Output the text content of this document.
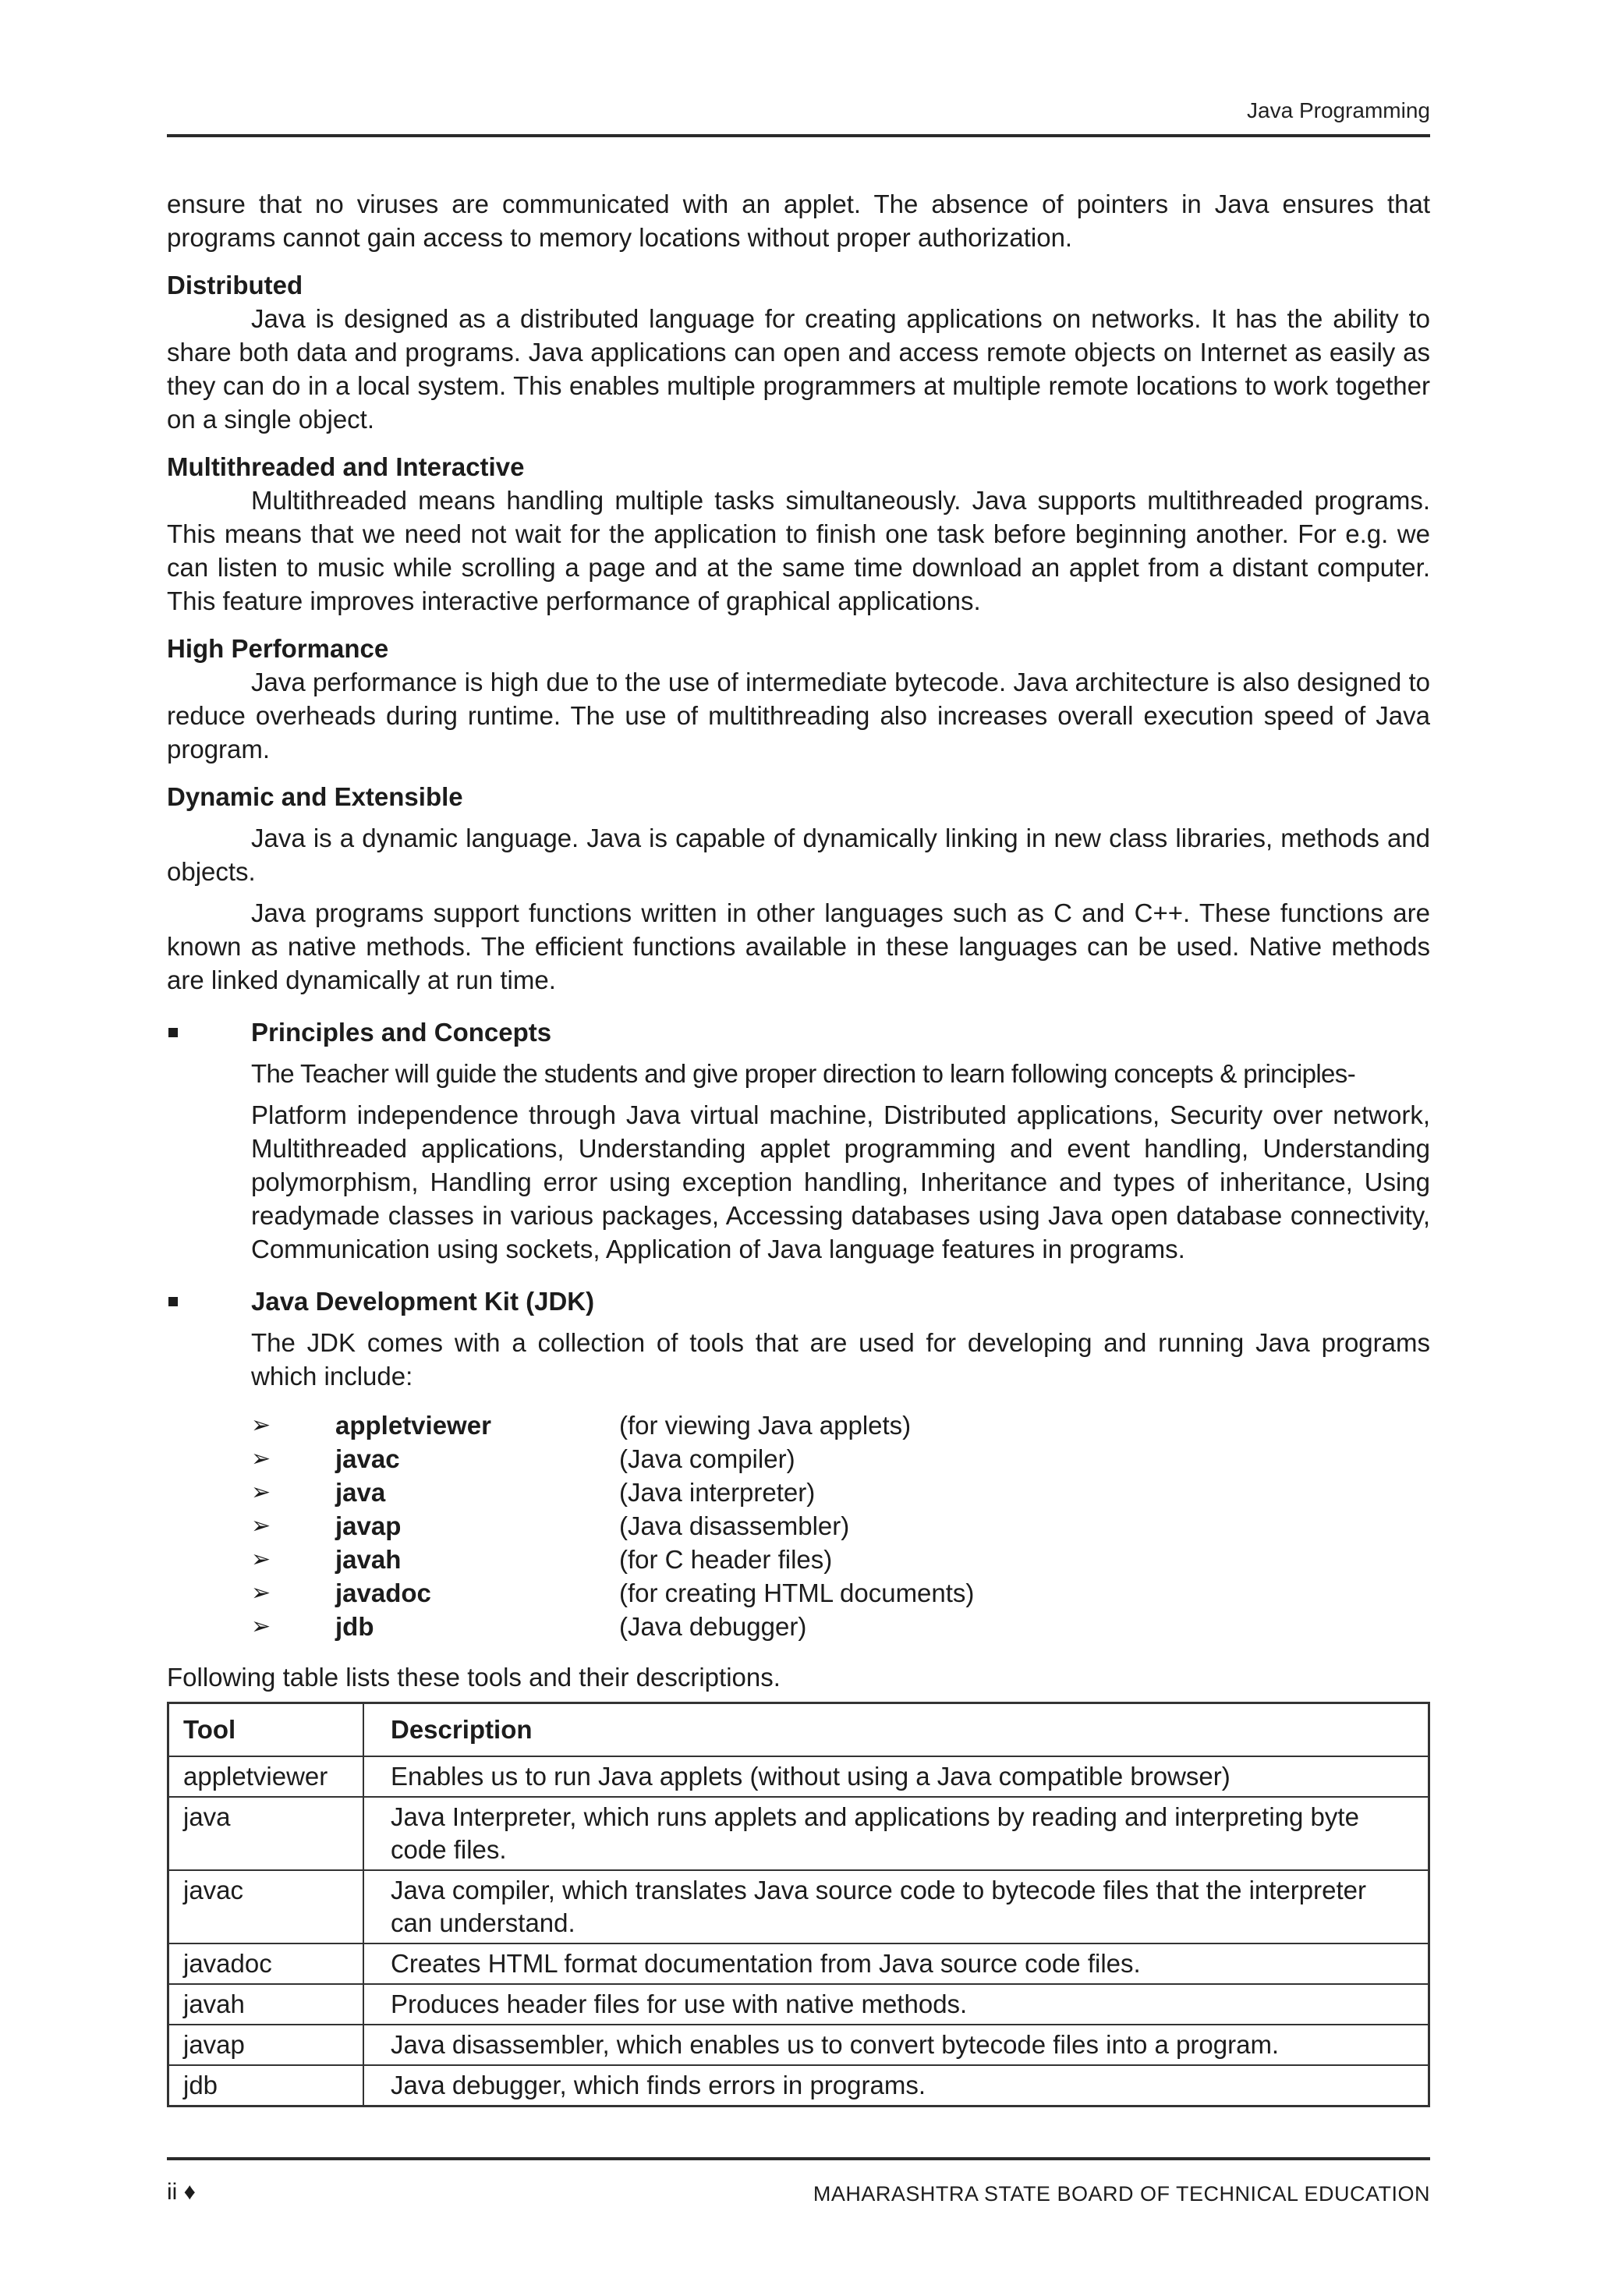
Java Programming

ensure that no viruses are communicated with an applet. The absence of pointers in Java ensures that programs cannot gain access to memory locations without proper authorization.

Distributed

Java is designed as a distributed language for creating applications on networks. It has the ability to share both data and programs. Java applications can open and access remote objects on Internet as easily as they can do in a local system. This enables multiple programmers at multiple remote locations to work together on a single object.

Multithreaded and Interactive

Multithreaded means handling multiple tasks simultaneously. Java supports multithreaded programs. This means that we need not wait for the application to finish one task before beginning another. For e.g. we can listen to music while scrolling a page and at the same time download an applet from a distant computer. This feature improves interactive performance of graphical applications.

High Performance

Java performance is high due to the use of intermediate bytecode. Java architecture is also designed to reduce overheads during runtime. The use of multithreading also increases overall execution speed of Java program.

Dynamic and Extensible

Java is a dynamic language. Java is capable of dynamically linking in new class libraries, methods and objects.

Java programs support functions written in other languages such as C and C++. These functions are known as native methods. The efficient functions available in these languages can be used. Native methods are linked dynamically at run time.

Principles and Concepts

The Teacher will guide the students and give proper direction to learn following concepts & principles-

Platform independence through Java virtual machine, Distributed applications, Security over network, Multithreaded applications, Understanding applet programming and event handling, Understanding polymorphism, Handling error using exception handling, Inheritance and types of inheritance, Using readymade classes in various packages, Accessing databases using Java open database connectivity, Communication using sockets, Application of Java language features in programs.

Java Development Kit (JDK)

The JDK comes with a collection of tools that are used for developing and running Java programs which include:

➢	appletviewer	(for viewing Java applets)
➢	javac	(Java compiler)
➢	java	(Java interpreter)
➢	javap	(Java disassembler)
➢	javah	(for C header files)
➢	javadoc	(for creating HTML documents)
➢	jdb	(Java debugger)

Following table lists these tools and their descriptions.

Tool	Description
appletviewer	Enables us to run Java applets (without using a Java compatible browser)
java	Java Interpreter, which runs applets and applications by reading and interpreting byte code files.
javac	Java compiler, which translates Java source code to bytecode files that the interpreter can understand.
javadoc	Creates HTML format documentation from Java source code files.
javah	Produces header files for use with native methods.
javap	Java disassembler, which enables us to convert bytecode files into a program.
jdb	Java debugger, which finds errors in programs.
ii ♦	MAHARASHTRA STATE BOARD OF TECHNICAL EDUCATION
